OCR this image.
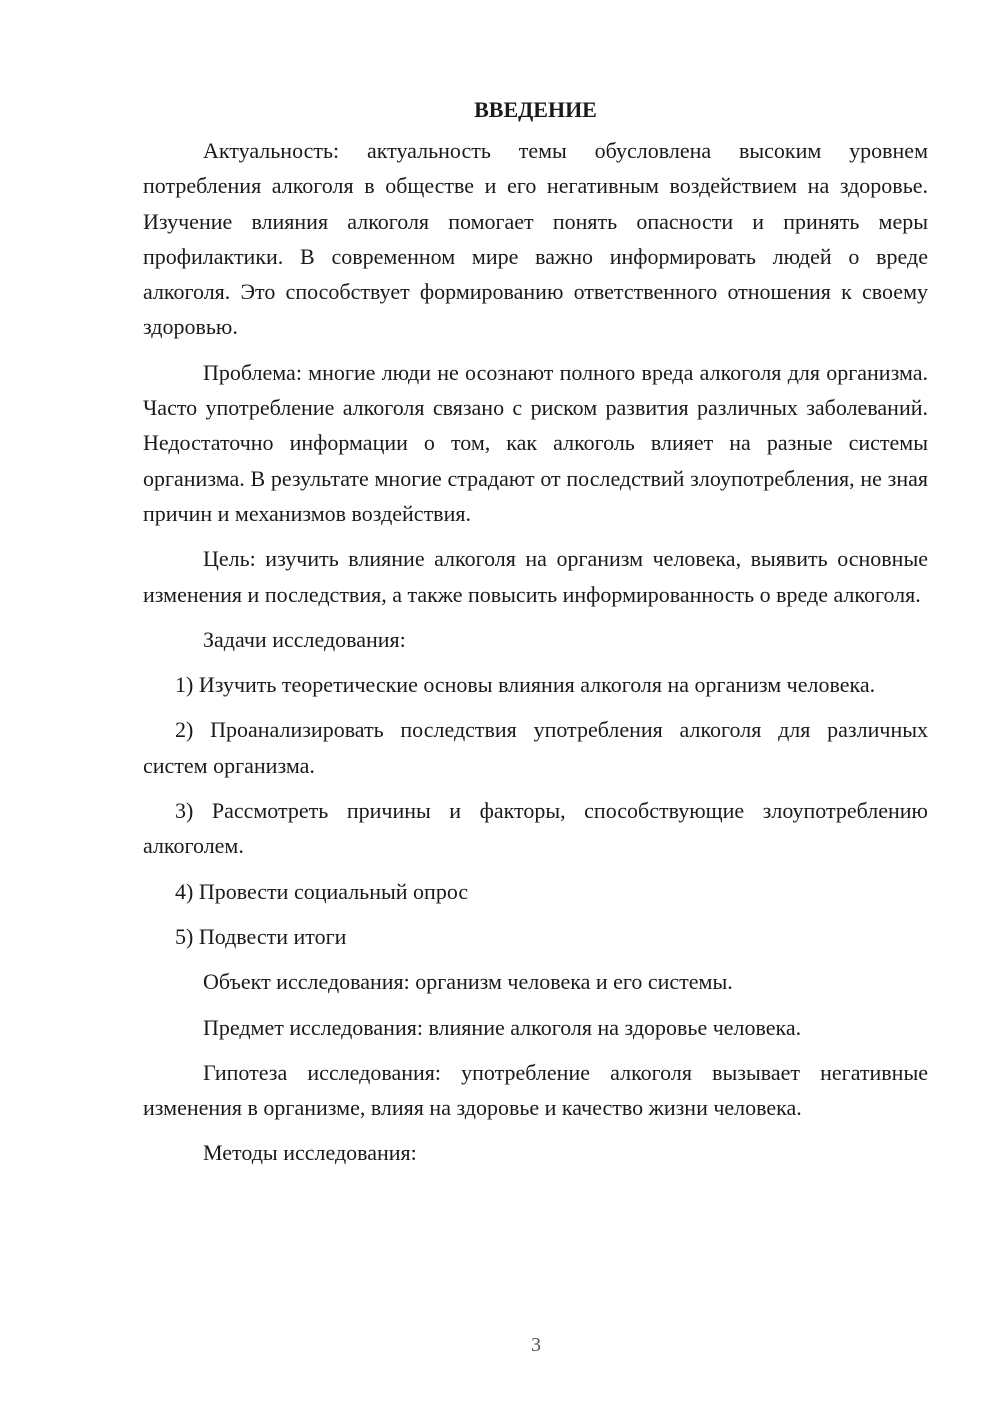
ВВЕДЕНИЕ

Актуальность: актуальность темы обусловлена высоким уровнем потребления алкоголя в обществе и его негативным воздействием на здоровье. Изучение влияния алкоголя помогает понять опасности и принять меры профилактики. В современном мире важно информировать людей о вреде алкоголя. Это способствует формированию ответственного отношения к своему здоровью.

Проблема: многие люди не осознают полного вреда алкоголя для организма. Часто употребление алкоголя связано с риском развития различных заболеваний. Недостаточно информации о том, как алкоголь влияет на разные системы организма. В результате многие страдают от последствий злоупотребления, не зная причин и механизмов воздействия.

Цель: изучить влияние алкоголя на организм человека, выявить основные изменения и последствия, а также повысить информированность о вреде алкоголя.

Задачи исследования:

1) Изучить теоретические основы влияния алкоголя на организм человека.

2) Проанализировать последствия употребления алкоголя для различных систем организма.

3) Рассмотреть причины и факторы, способствующие злоупотреблению алкоголем.

4) Провести социальный опрос

5) Подвести итоги

Объект исследования: организм человека и его системы.

Предмет исследования: влияние алкоголя на здоровье человека.

Гипотеза исследования: употребление алкоголя вызывает негативные изменения в организме, влияя на здоровье и качество жизни человека.

Методы исследования:

3
